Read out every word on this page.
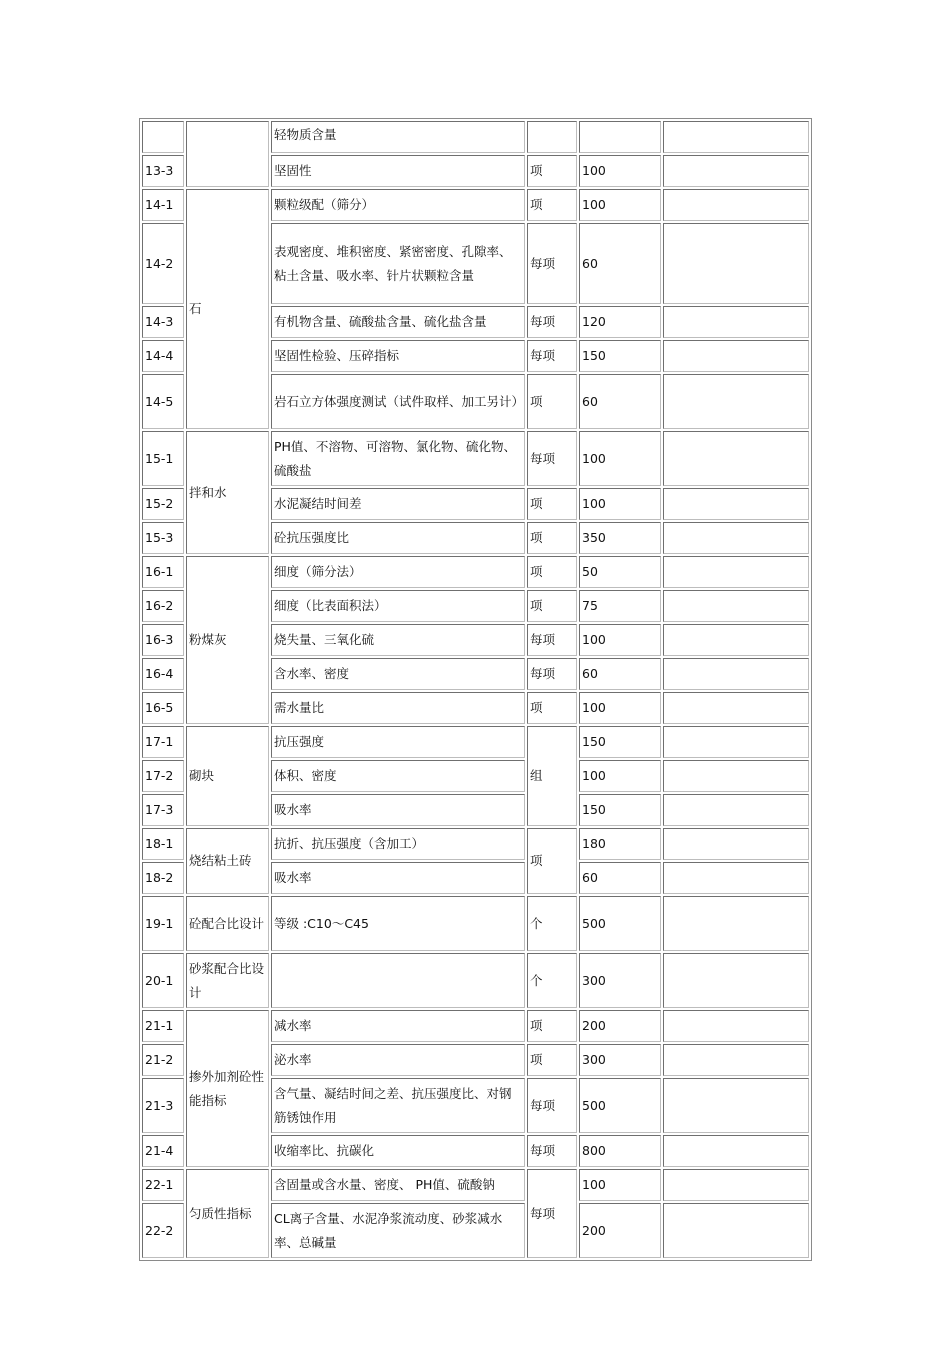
		轻物质含量			
13-3		坚固性	项	100	
14-1	石	颗粒级配（筛分）	项	100	
14-2		表观密度、堆积密度、紧密密度、孔隙率、粘土含量、吸水率、针片状颗粒含量	每项	60	
14-3		有机物含量、硫酸盐含量、硫化盐含量	每项	120	
14-4		坚固性检验、压碎指标	每项	150	
14-5		岩石立方体强度测试（试件取样、加工另计）	项	60	
15-1	拌和水	PH值、不溶物、可溶物、氯化物、硫化物、硫酸盐	每项	100	
15-2		水泥凝结时间差	项	100	
15-3		砼抗压强度比	项	350	
16-1	粉煤灰	细度（筛分法）	项	50	
16-2		细度（比表面积法）	项	75	
16-3		烧失量、三氧化硫	每项	100	
16-4		含水率、密度	每项	60	
16-5		需水量比	项	100	
17-1	砌块	抗压强度	组	150	
17-2		体积、密度		100	
17-3		吸水率		150	
18-1	烧结粘土砖	抗折、抗压强度（含加工）	项	180	
18-2		吸水率		60	
19-1	砼配合比设计	等级 :C10～C45	个	500	
20-1	砂浆配合比设计		个	300	
21-1	掺外加剂砼性能指标	减水率	项	200	
21-2		泌水率	项	300	
21-3		含气量、凝结时间之差、抗压强度比、对钢筋锈蚀作用	每项	500	
21-4		收缩率比、抗碳化	每项	800	
22-1	匀质性指标	含固量或含水量、密度、 PH值、硫酸钠	每项	100	
22-2		CL离子含量、水泥净浆流动度、砂浆减水率、总碱量		200	
